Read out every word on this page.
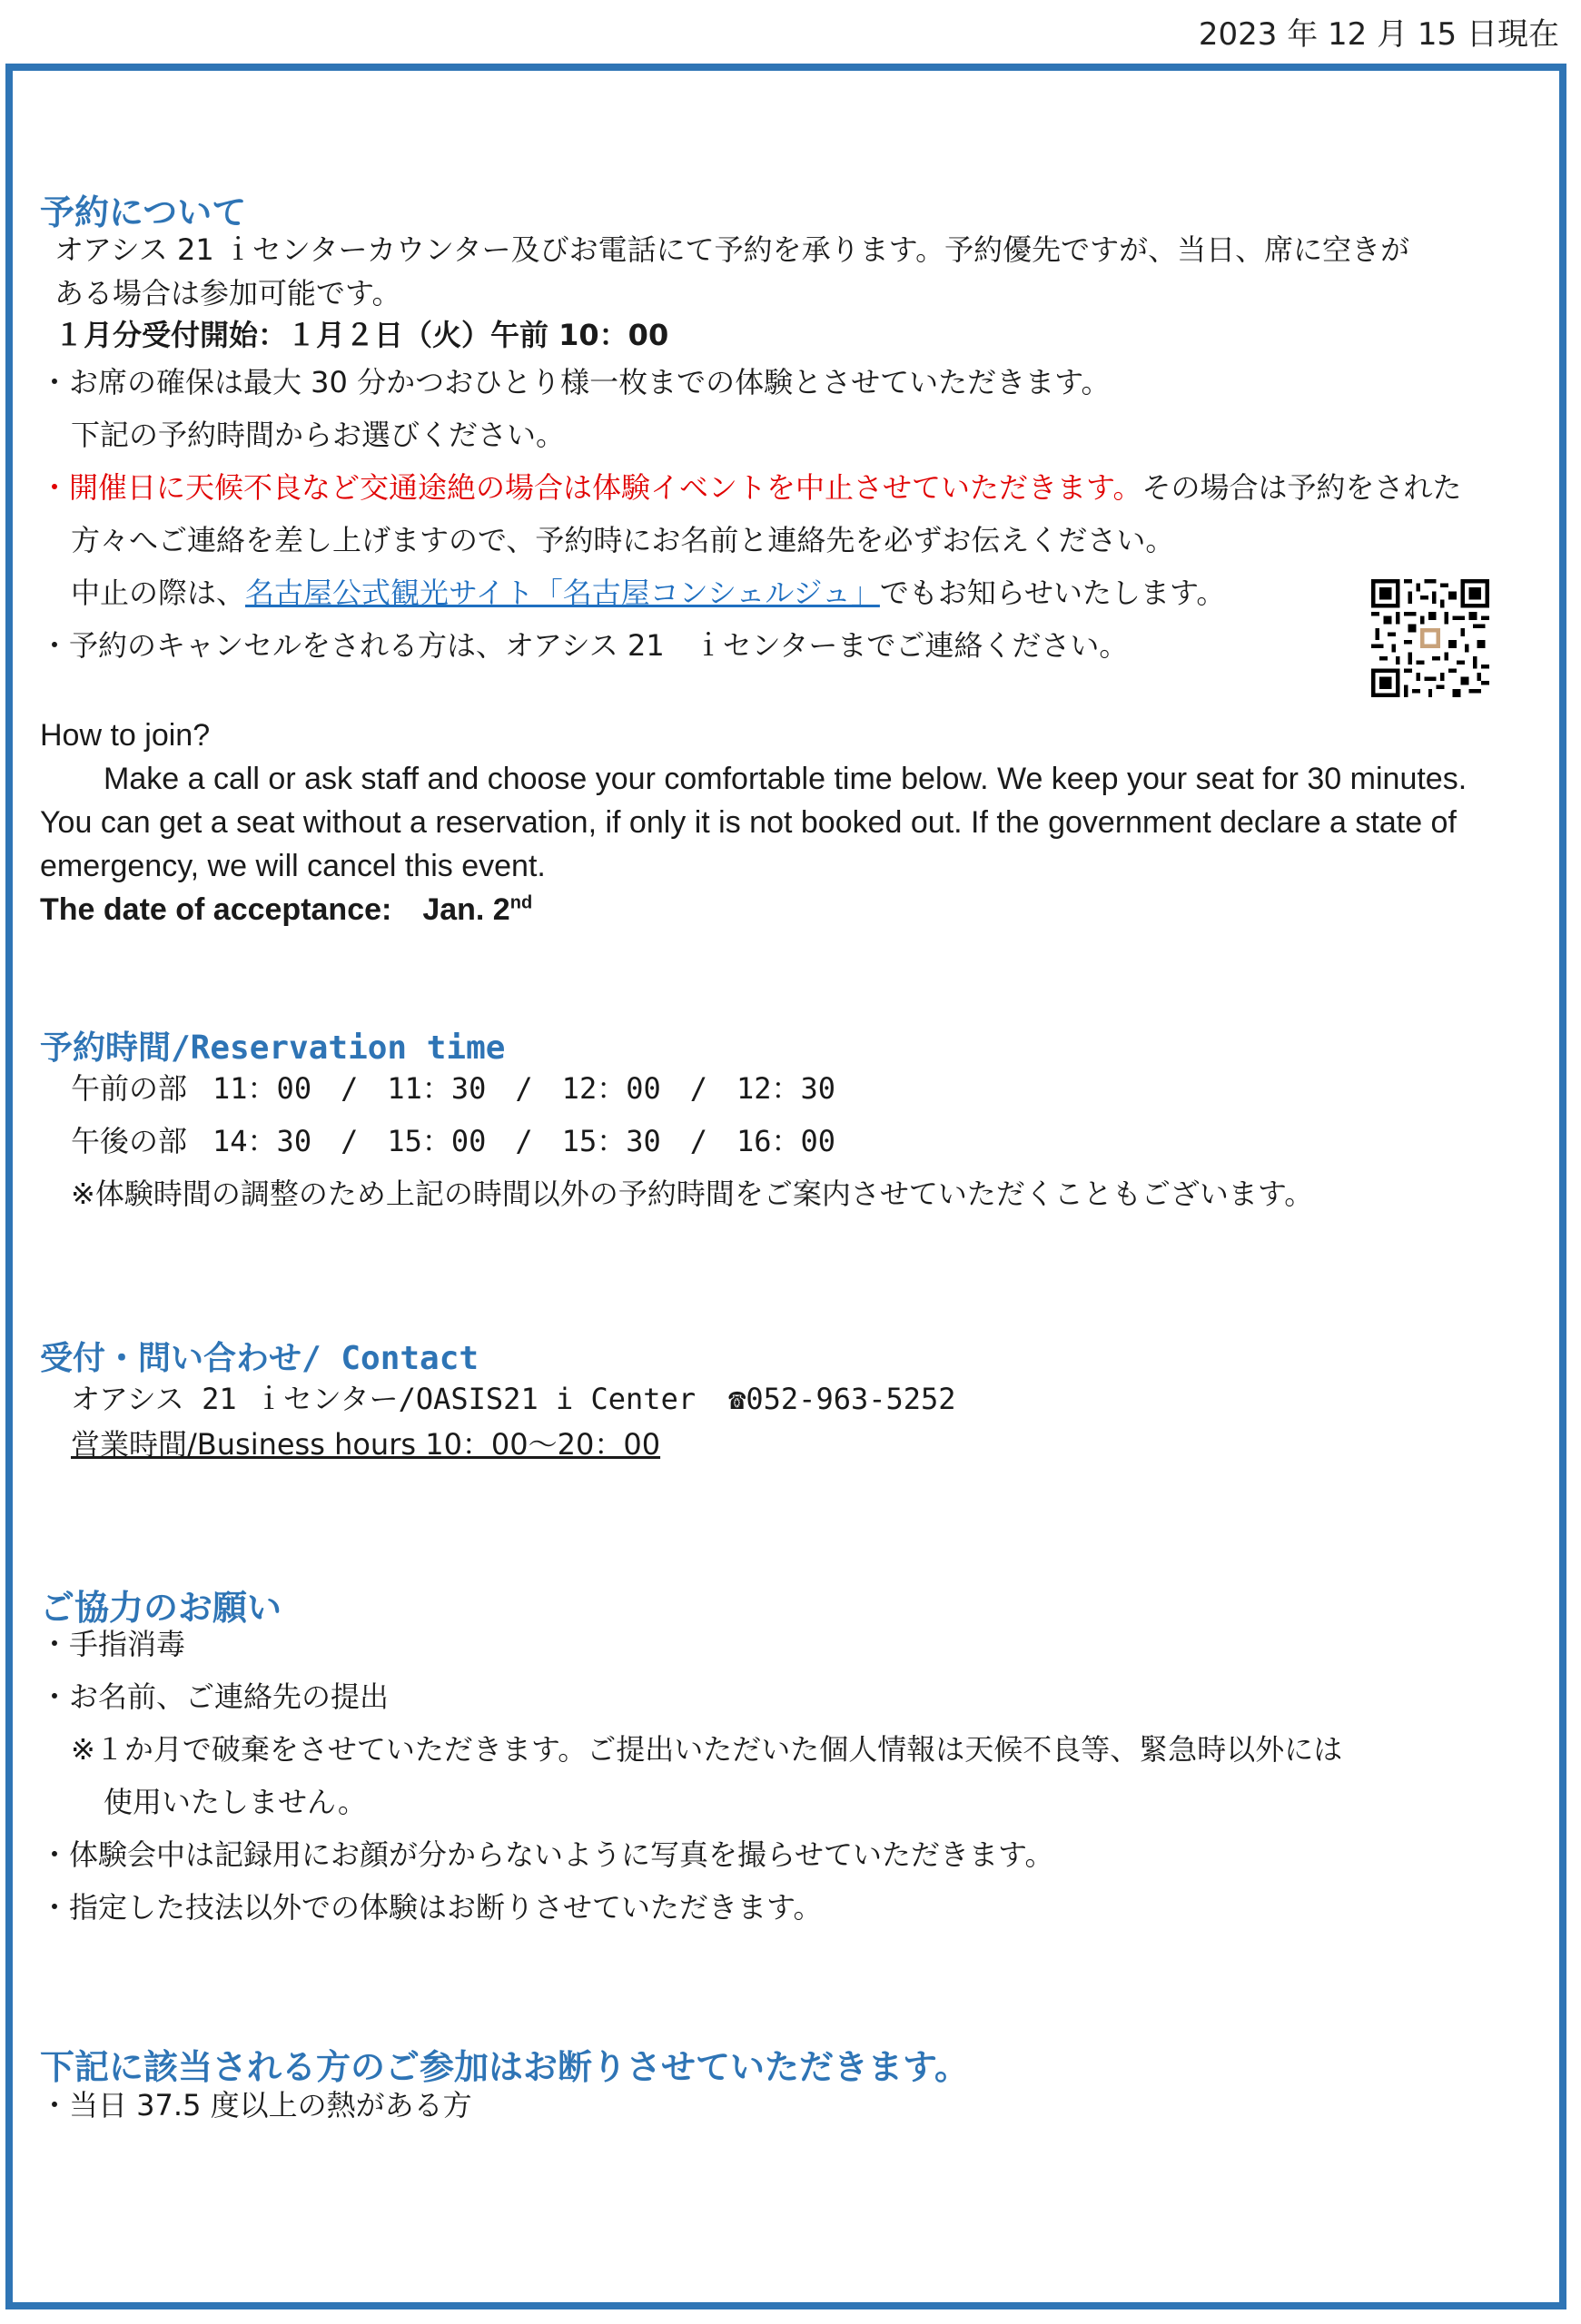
2023 年 12 月 15 日現在
予約について
オアシス 21 ｉセンターカウンター及びお電話にて予約を承ります。予約優先ですが、当日、席に空きが
ある場合は参加可能です。
１月分受付開始：１月２日（火）午前 10：00
・お席の確保は最大 30 分かつおひとり様一枚までの体験とさせていただきます。
下記の予約時間からお選びください。
・開催日に天候不良など交通途絶の場合は体験イベントを中止させていただきます。その場合は予約をされた
方々へご連絡を差し上げますので、予約時にお名前と連絡先を必ずお伝えください。
中止の際は、名古屋公式観光サイト「名古屋コンシェルジュ」でもお知らせいたします。
・予約のキャンセルをされる方は、オアシス 21　ｉセンターまでご連絡ください。
How to join?
Make a call or ask staff and choose your comfortable time below. We keep your seat for 30 minutes.
You can get a seat without a reservation, if only it is not booked out. If the government declare a state of
emergency, we will cancel this event.
The date of acceptance:　Jan. 2nd
予約時間/Reservation time
午前の部 11：00　/　11：30　/　12：00　/　12：30
午後の部 14：30　/　15：00　/　15：30　/　16：00
※体験時間の調整のため上記の時間以外の予約時間をご案内させていただくこともございます。
受付・問い合わせ/ Contact
オアシス 21 ｉセンター/OASIS21 i Center ☎052-963-5252
営業時間/Business hours 10：00～20：00
ご協力のお願い
・手指消毒
・お名前、ご連絡先の提出
※１か月で破棄をさせていただきます。ご提出いただいた個人情報は天候不良等、緊急時以外には
使用いたしません。
・体験会中は記録用にお顔が分からないように写真を撮らせていただきます。
・指定した技法以外での体験はお断りさせていただきます。
下記に該当される方のご参加はお断りさせていただきます。
・当日 37.5 度以上の熱がある方
